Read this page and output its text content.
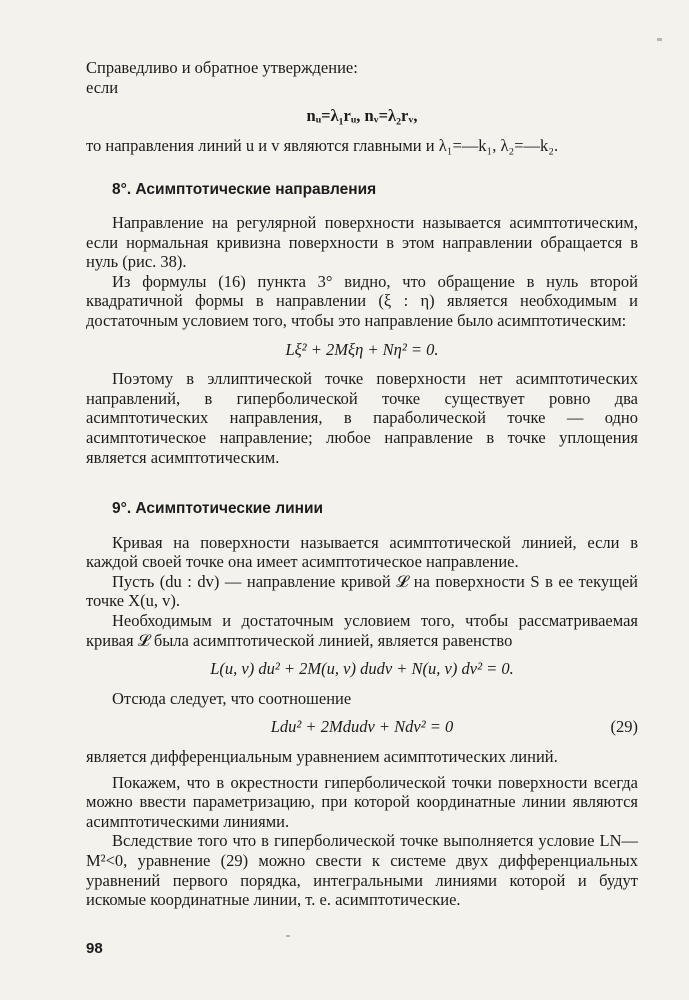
Справедливо и обратное утверждение:

если

nᵤ=λ₁rᵤ, nᵥ=λ₂rᵥ,

то направления линий u и v являются главными и λ₁=—k₁, λ₂=—k₂.

8°. Асимптотические направления

Направление на регулярной поверхности называется асимптотическим, если нормальная кривизна поверхности в этом направлении обращается в нуль (рис. 38).

Из формулы (16) пункта 3° видно, что обращение в нуль второй квадратичной формы в направлении (ξ : η) является необходимым и достаточным условием того, чтобы это направление было асимптотическим:

Lξ² + 2Mξη + Nη² = 0.

Поэтому в эллиптической точке поверхности нет асимптотических направлений, в гиперболической точке существует ровно два асимптотических направления, в параболической точке — одно асимптотическое направление; любое направление в точке уплощения является асимптотическим.

9°. Асимптотические линии

Кривая на поверхности называется асимптотической линией, если в каждой своей точке она имеет асимптотическое направление.

Пусть (du : dv) — направление кривой 𝓛 на поверхности S в ее текущей точке X(u, v).

Необходимым и достаточным условием того, чтобы рассматриваемая кривая 𝓛 была асимптотической линией, является равенство

L(u, v) du² + 2M(u, v) dudv + N(u, v) dv² = 0.

Отсюда следует, что соотношение

Ldu² + 2Mdudv + Ndv² = 0	(29)

является дифференциальным уравнением асимптотических линий.

Покажем, что в окрестности гиперболической точки поверхности всегда можно ввести параметризацию, при которой координатные линии являются асимптотическими линиями.

Вследствие того что в гиперболической точке выполняется условие LN—M²<0, уравнение (29) можно свести к системе двух дифференциальных уравнений первого порядка, интегральными линиями которой и будут искомые координатные линии, т. е. асимптотические.

98
